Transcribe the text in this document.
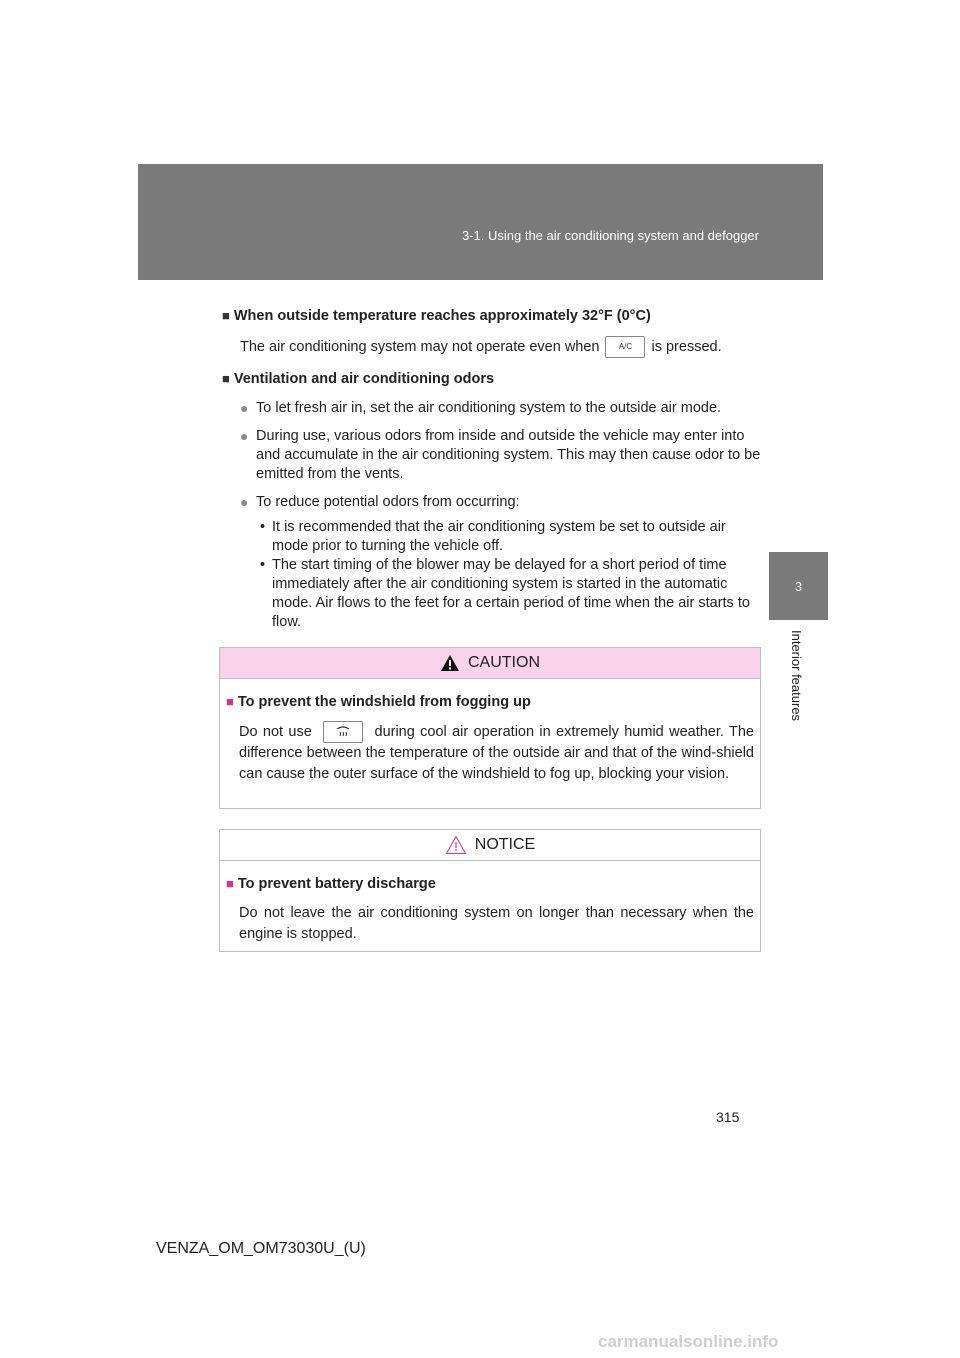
3-1. Using the air conditioning system and defogger
3
Interior features
■ When outside temperature reaches approximately 32°F (0°C)
The air conditioning system may not operate even when A/C is pressed.
■ Ventilation and air conditioning odors
● To let fresh air in, set the air conditioning system to the outside air mode.
● During use, various odors from inside and outside the vehicle may enter into and accumulate in the air conditioning system. This may then cause odor to be emitted from the vents.
● To reduce potential odors from occurring:
• It is recommended that the air conditioning system be set to outside air mode prior to turning the vehicle off.
• The start timing of the blower may be delayed for a short period of time immediately after the air conditioning system is started in the automatic mode. Air flows to the feet for a certain period of time when the air starts to flow.
CAUTION
■ To prevent the windshield from fogging up
Do not use	during cool air operation in extremely humid weather. The difference between the temperature of the outside air and that of the wind-shield can cause the outer surface of the windshield to fog up, blocking your vision.
NOTICE
■ To prevent battery discharge
Do not leave the air conditioning system on longer than necessary when the engine is stopped.
315
VENZA_OM_OM73030U_(U)
carmanualsonline.info
